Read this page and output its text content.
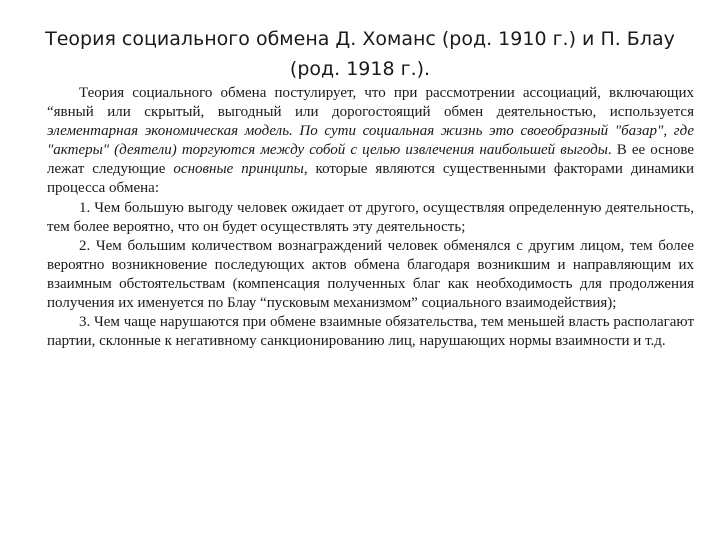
Теория социального обмена Д. Хоманс (род. 1910 г.) и П. Блау (род. 1918 г.).

Теория социального обмена постулирует, что при рассмотрении ассоциаций, включающих “явный или скрытый, выгодный или дорогостоящий обмен деятельностью, используется элементарная экономическая модель. По сути социальная жизнь это своеобразный "базар", где "актеры" (деятели) торгуются между собой с целью извлечения наибольшей выгоды. В ее основе лежат следующие основные принципы, которые являются существенными факторами динамики процесса обмена:

1. Чем большую выгоду человек ожидает от другого, осуществляя определенную деятельность, тем более вероятно, что он будет осуществлять эту деятельность;

2. Чем большим количеством вознаграждений человек обменялся с другим лицом, тем более вероятно возникновение последующих актов обмена благодаря возникшим и направляющим их взаимным обстоятельствам (компенсация полученных благ как необходимость для продолжения получения их именуется по Блау “пусковым механизмом” социального взаимодействия);

3. Чем чаще нарушаются при обмене взаимные обязательства, тем меньшей власть располагают партии, склонные к негативному санкционированию лиц, нарушающих нормы взаимности и т.д.
